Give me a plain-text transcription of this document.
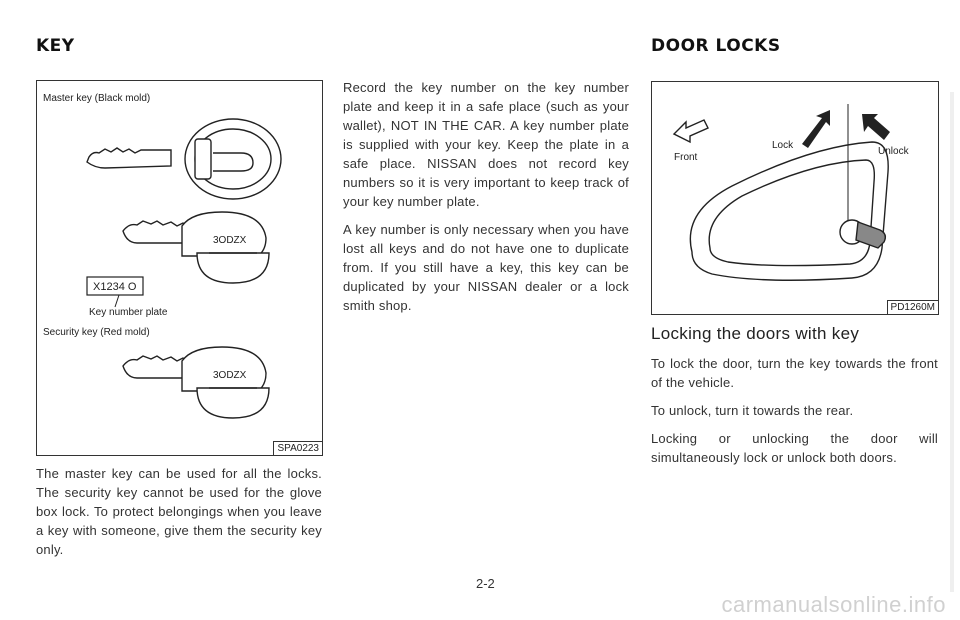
KEY	DOOR LOCKS
Master key (Black mold)
3ODZX
X1234 O
3ODZX
Key number plate
Security key (Red mold)
SPA0223

The master key can be used for all the locks. The security key cannot be used for the glove box lock. To protect belongings when you leave a key with someone, give them the security key only.

Record the key number on the key number plate and keep it in a safe place (such as your wallet), NOT IN THE CAR. A key number plate is supplied with your key. Keep the plate in a safe place. NISSAN does not record key numbers so it is very important to keep track of your key number plate.

A key number is only necessary when you have lost all keys and do not have one to duplicate from. If you still have a key, this key can be duplicated by your NISSAN dealer or a lock smith shop.

Front
Lock
Unlock
PD1260M
Locking the doors with key

To lock the door, turn the key towards the front of the vehicle.

To unlock, turn it towards the rear.

Locking or unlocking the door will simultaneously lock or unlock both doors.

2-2
carmanualsonline.info
